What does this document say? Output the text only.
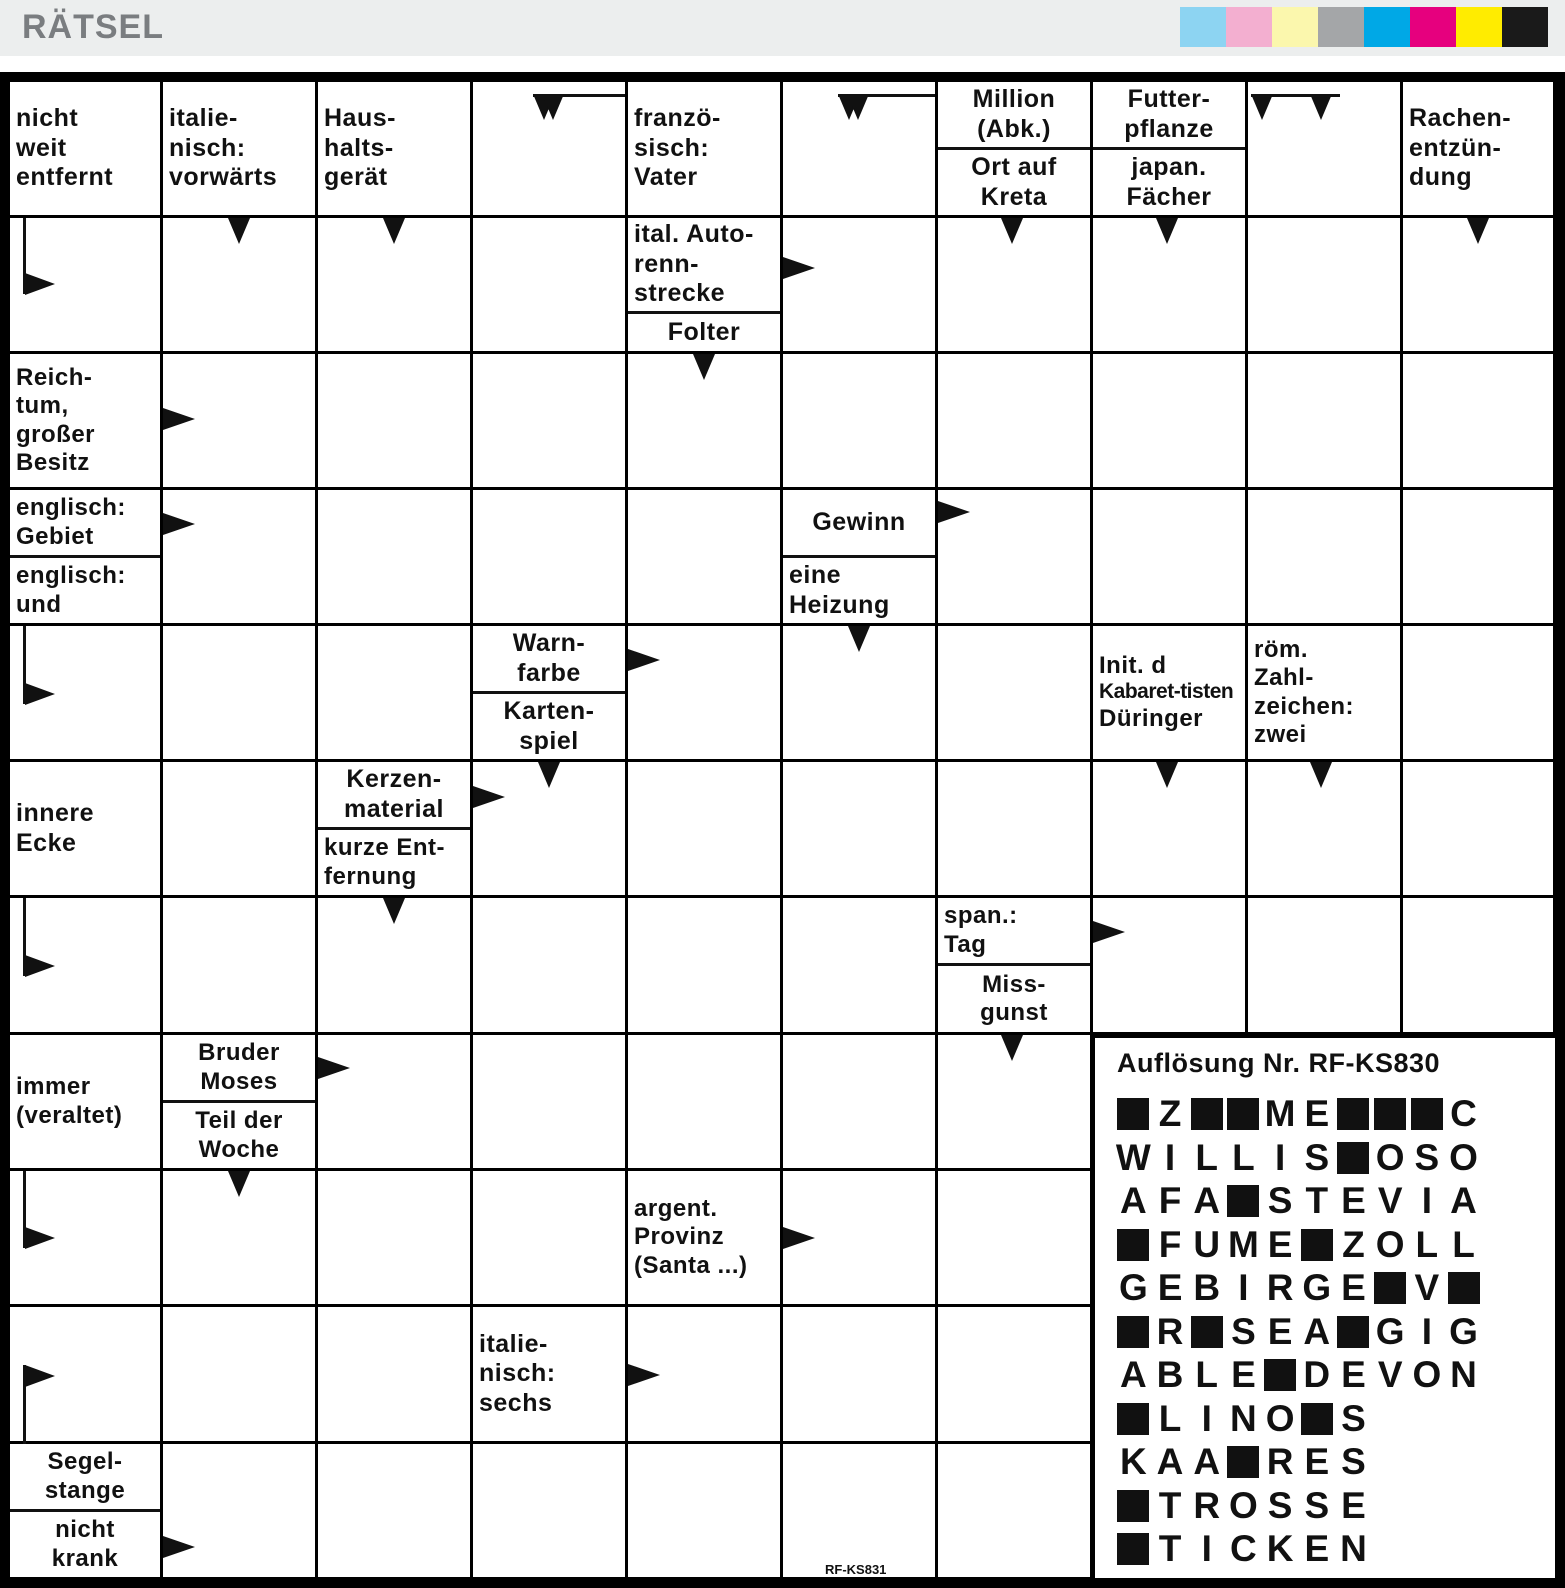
RÄTSEL
nicht
weit
entfernt
italie-
nisch:
vorwärts
Haus-
halts-
gerät
franzö-
sisch:
Vater
Million
(Abk.)
Ort auf
Kreta
Futter-
pflanze
japan.
Fächer
Rachen-
entzün-
dung
ital. Auto-
renn-
strecke
Folter
Reich-
tum,
großer
Besitz
englisch:
Gebiet
englisch:
und
Gewinn
eine
Heizung
Warn-
farbe
Karten-
spiel
Init. d
Kabaret-tisten
Düringer
röm.
Zahl-
zeichen:
zwei
innere
Ecke
Kerzen-
material
kurze Ent-
fernung
span.:
Tag
Miss-
gunst
immer
(veraltet)
Bruder
Moses
Teil der
Woche
argent.
Provinz
(Santa ...)
italie-
nisch:
sechs
Segel-
stange
nicht
krank
Auflösung Nr. RF-KS830
Z M E	C
W I L L I S O S O
A F A S T E V I A
F U M E Z O L L
G E B I R G E V
R S E A G I G
A B L E D E V O N
L I N O S
K A A R E S
T R O S S E
T I C K E N
RF-KS831
